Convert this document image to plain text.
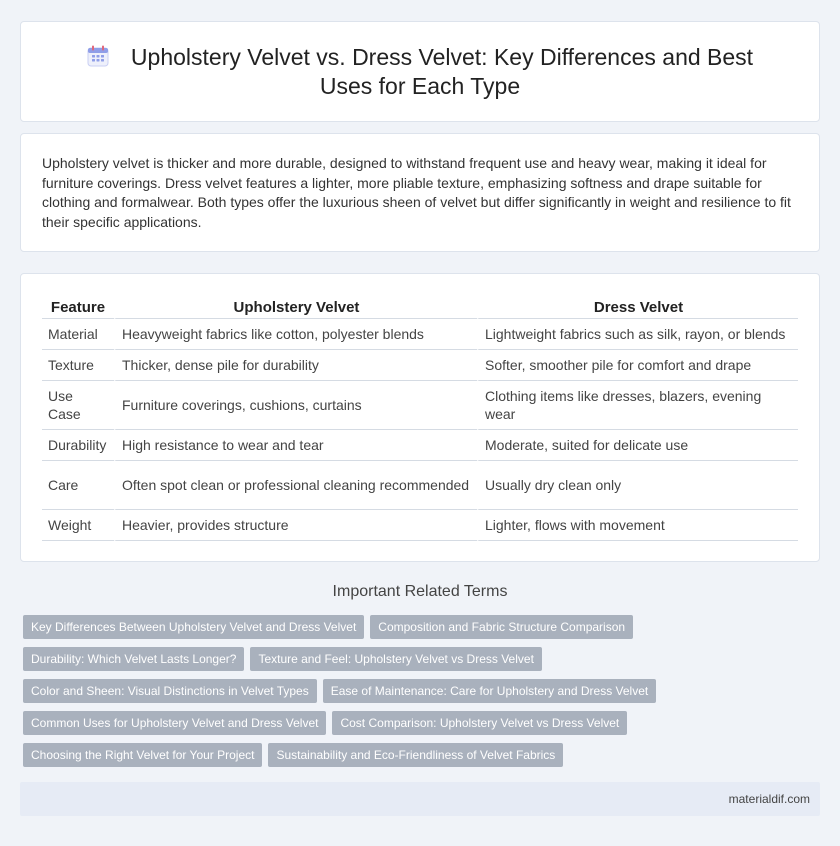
Upholstery Velvet vs. Dress Velvet: Key Differences and Best Uses for Each Type

Upholstery velvet is thicker and more durable, designed to withstand frequent use and heavy wear, making it ideal for furniture coverings. Dress velvet features a lighter, more pliable texture, emphasizing softness and drape suitable for clothing and formalwear. Both types offer the luxurious sheen of velvet but differ significantly in weight and resilience to fit their specific applications.

Feature	Upholstery Velvet	Dress Velvet
Material	Heavyweight fabrics like cotton, polyester blends	Lightweight fabrics such as silk, rayon, or blends
Texture	Thicker, dense pile for durability	Softer, smoother pile for comfort and drape
Use Case	Furniture coverings, cushions, curtains	Clothing items like dresses, blazers, evening wear
Durability	High resistance to wear and tear	Moderate, suited for delicate use
Care	Often spot clean or professional cleaning recommended	Usually dry clean only
Weight	Heavier, provides structure	Lighter, flows with movement
Important Related Terms
Key Differences Between Upholstery Velvet and Dress Velvet	Composition and Fabric Structure Comparison
Durability: Which Velvet Lasts Longer?	Texture and Feel: Upholstery Velvet vs Dress Velvet
Color and Sheen: Visual Distinctions in Velvet Types	Ease of Maintenance: Care for Upholstery and Dress Velvet
Common Uses for Upholstery Velvet and Dress Velvet	Cost Comparison: Upholstery Velvet vs Dress Velvet
Choosing the Right Velvet for Your Project	Sustainability and Eco-Friendliness of Velvet Fabrics
materialdif.com
